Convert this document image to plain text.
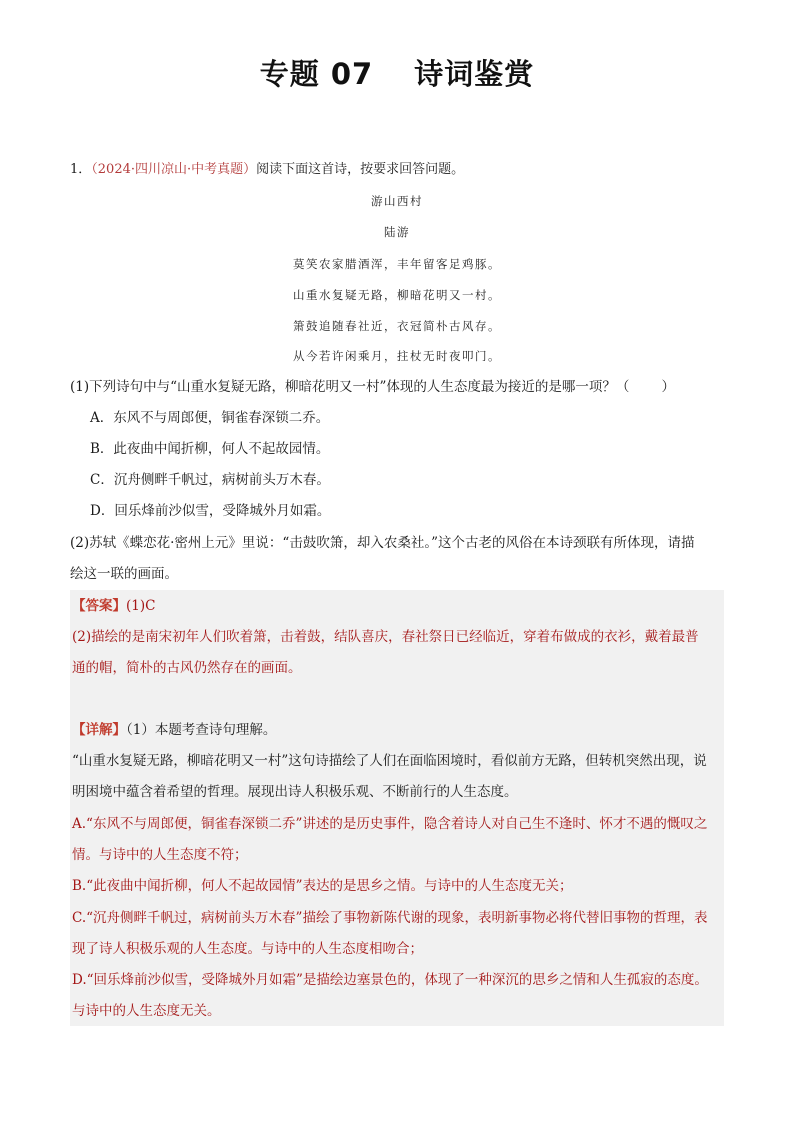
专题 07　 诗词鉴赏
1．（2024·四川凉山·中考真题）阅读下面这首诗，按要求回答问题。
游山西村
陆游
莫笑农家腊酒浑，丰年留客足鸡豚。
山重水复疑无路，柳暗花明又一村。
箫鼓追随春社近，衣冠简朴古风存。
从今若许闲乘月，拄杖无时夜叩门。
(1)下列诗句中与“山重水复疑无路，柳暗花明又一村”体现的人生态度最为接近的是哪一项？（ ）
A．东风不与周郎便，铜雀春深锁二乔。
B．此夜曲中闻折柳，何人不起故园情。
C．沉舟侧畔千帆过，病树前头万木春。
D．回乐烽前沙似雪，受降城外月如霜。
(2)苏轼《蝶恋花·密州上元》里说：“击鼓吹箫，却入农桑社。”这个古老的风俗在本诗颈联有所体现，请描
绘这一联的画面。
【答案】(1)C
(2)描绘的是南宋初年人们吹着箫，击着鼓，结队喜庆，春社祭日已经临近，穿着布做成的衣衫，戴着最普
通的帽，简朴的古风仍然存在的画面。
【详解】（1）本题考查诗句理解。
“山重水复疑无路，柳暗花明又一村”这句诗描绘了人们在面临困境时，看似前方无路，但转机突然出现，说
明困境中蕴含着希望的哲理。展现出诗人积极乐观、不断前行的人生态度。
A.“东风不与周郎便，铜雀春深锁二乔”讲述的是历史事件，隐含着诗人对自己生不逢时、怀才不遇的慨叹之
情。与诗中的人生态度不符；
B.“此夜曲中闻折柳，何人不起故园情”表达的是思乡之情。与诗中的人生态度无关；
C.“沉舟侧畔千帆过，病树前头万木春”描绘了事物新陈代谢的现象，表明新事物必将代替旧事物的哲理，表
现了诗人积极乐观的人生态度。与诗中的人生态度相吻合；
D.“回乐烽前沙似雪，受降城外月如霜”是描绘边塞景色的，体现了一种深沉的思乡之情和人生孤寂的态度。
与诗中的人生态度无关。
